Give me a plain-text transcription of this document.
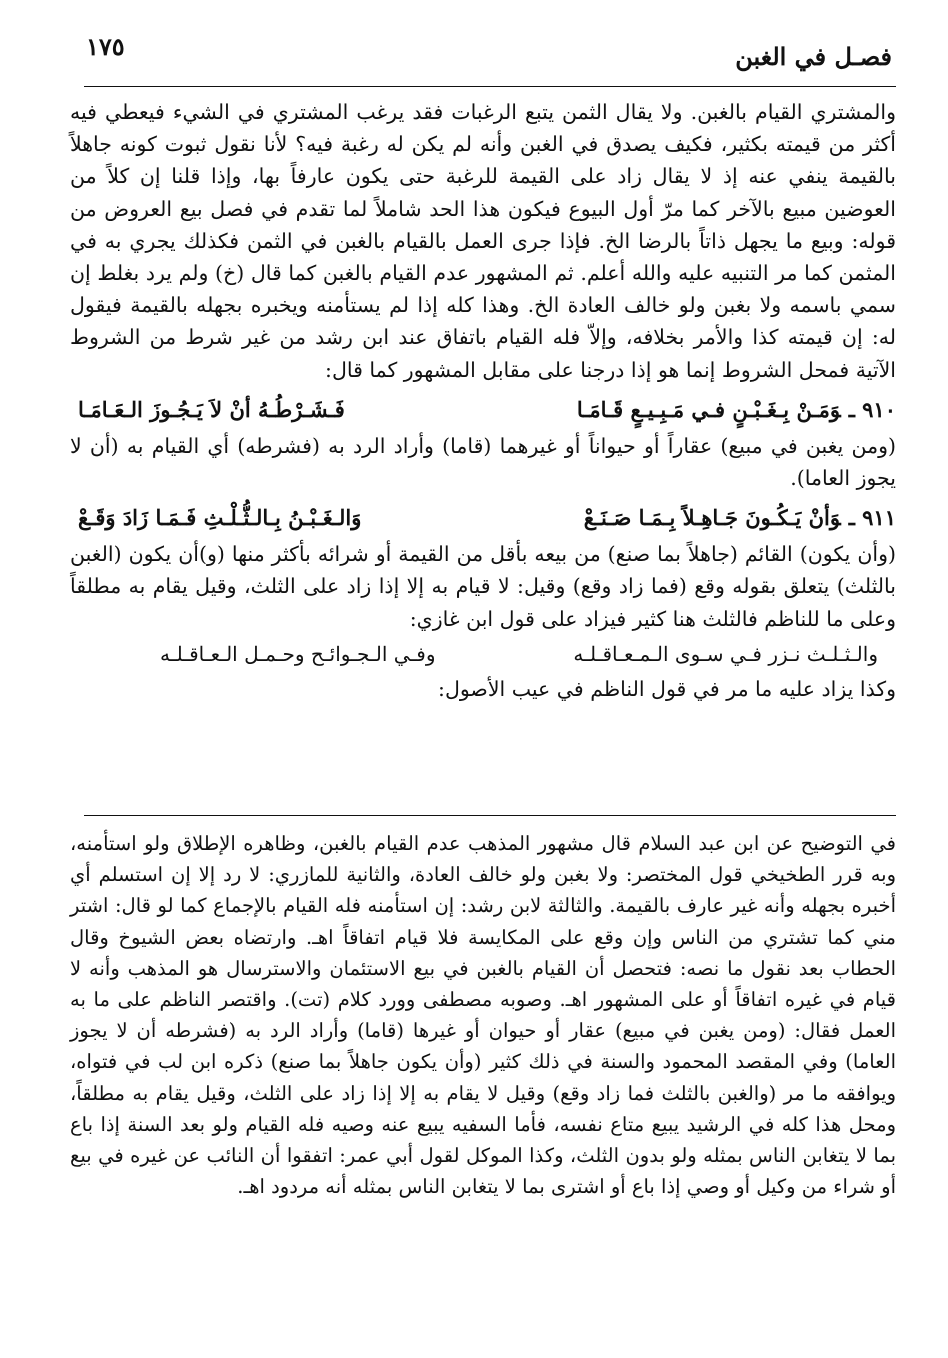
فصـل في الغبن
١٧٥

والمشتري القيام بالغبن. ولا يقال الثمن يتبع الرغبات فقد يرغب المشتري في الشيء فيعطي فيه أكثر من قيمته بكثير، فكيف يصدق في الغبن وأنه لم يكن له رغبة فيه؟ لأنا نقول ثبوت كونه جاهلاً بالقيمة ينفي عنه إذ لا يقال زاد على القيمة للرغبة حتى يكون عارفاً بها، وإذا قلنا إن كلاً من العوضين مبيع بالآخر كما مرّ أول البيوع فيكون هذا الحد شاملاً لما تقدم في فصل بيع العروض من قوله: وبيع ما يجهل ذاتاً بالرضا الخ. فإذا جرى العمل بالقيام بالغبن في الثمن فكذلك يجري به في المثمن كما مر التنبيه عليه والله أعلم. ثم المشهور عدم القيام بالغبن كما قال (خ) ولم يرد بغلط إن سمي باسمه ولا بغبن ولو خالف العادة الخ. وهذا كله إذا لم يستأمنه ويخبره بجهله بالقيمة فيقول له: إن قيمته كذا والأمر بخلافه، وإلاّ فله القيام باتفاق عند ابن رشد من غير شرط من الشروط الآتية فمحل الشروط إنما هو إذا درجنا على مقابل المشهور كما قال:

٩١٠ ـوَمَـنْ بِـغَـبْـنٍ فـي مَـبِـيـعٍ قَـامَـا
فَـشَـرْطُـهُ أنْ لاَ يَـجُـوزَ الـعَـامَـا

(ومن يغبن في مبيع) عقاراً أو حيواناً أو غيرهما (قاما) وأراد الرد به (فشرطه) أي القيام به (أن لا يجوز العاما).

٩١١ ـوَأنْ يَـكُـونَ جَـاهِـلاً بِـمَـا صَـنَـعْ
وَالـغَـبْـنُ بِـالـثُّـلْـثِ فَـمَـا زَادَ وَقَـعْ

(وأن يكون) القائم (جاهلاً بما صنع) من بيعه بأقل من القيمة أو شرائه بأكثر منها (و)أن يكون (الغبن بالثلث) يتعلق بقوله وقع (فما زاد وقع) وقيل: لا قيام به إلا إذا زاد على الثلث، وقيل يقام به مطلقاً وعلى ما للناظم فالثلث هنا كثير فيزاد على قول ابن غازي:

والـثـلـث نـزر فـي سـوى الـمـعـاقـلـه
وفـي الـجـوائـح وحـمـل الـعـاقـلـه

وكذا يزاد عليه ما مر في قول الناظم في عيب الأصول:

في التوضيح عن ابن عبد السلام قال مشهور المذهب عدم القيام بالغبن، وظاهره الإطلاق ولو استأمنه، وبه قرر الطخيخي قول المختصر: ولا بغبن ولو خالف العادة، والثانية للمازري: لا رد إلا إن استسلم أي أخبره بجهله وأنه غير عارف بالقيمة. والثالثة لابن رشد: إن استأمنه فله القيام بالإجماع كما لو قال: اشتر مني كما تشتري من الناس وإن وقع على المكايسة فلا قيام اتفاقاً اهـ. وارتضاه بعض الشيوخ وقال الحطاب بعد نقول ما نصه: فتحصل أن القيام بالغبن في بيع الاستئمان والاسترسال هو المذهب وأنه لا قيام في غيره اتفاقاً أو على المشهور اهـ. وصوبه مصطفى وورد كلام (تت). واقتصر الناظم على ما به العمل فقال: (ومن يغبن في مبيع) عقار أو حيوان أو غيرها (قاما) وأراد الرد به (فشرطه أن لا يجوز العاما) وفي المقصد المحمود والسنة في ذلك كثير (وأن يكون جاهلاً بما صنع) ذكره ابن لب في فتواه، ويوافقه ما مر (والغبن بالثلث فما زاد وقع) وقيل لا يقام به إلا إذا زاد على الثلث، وقيل يقام به مطلقاً، ومحل هذا كله في الرشيد يبيع متاع نفسه، فأما السفيه يبيع عنه وصيه فله القيام ولو بعد السنة إذا باع بما لا يتغابن الناس بمثله ولو بدون الثلث، وكذا الموكل لقول أبي عمر: اتفقوا أن النائب عن غيره في بيع أو شراء من وكيل أو وصي إذا باع أو اشترى بما لا يتغابن الناس بمثله أنه مردود اهـ.
